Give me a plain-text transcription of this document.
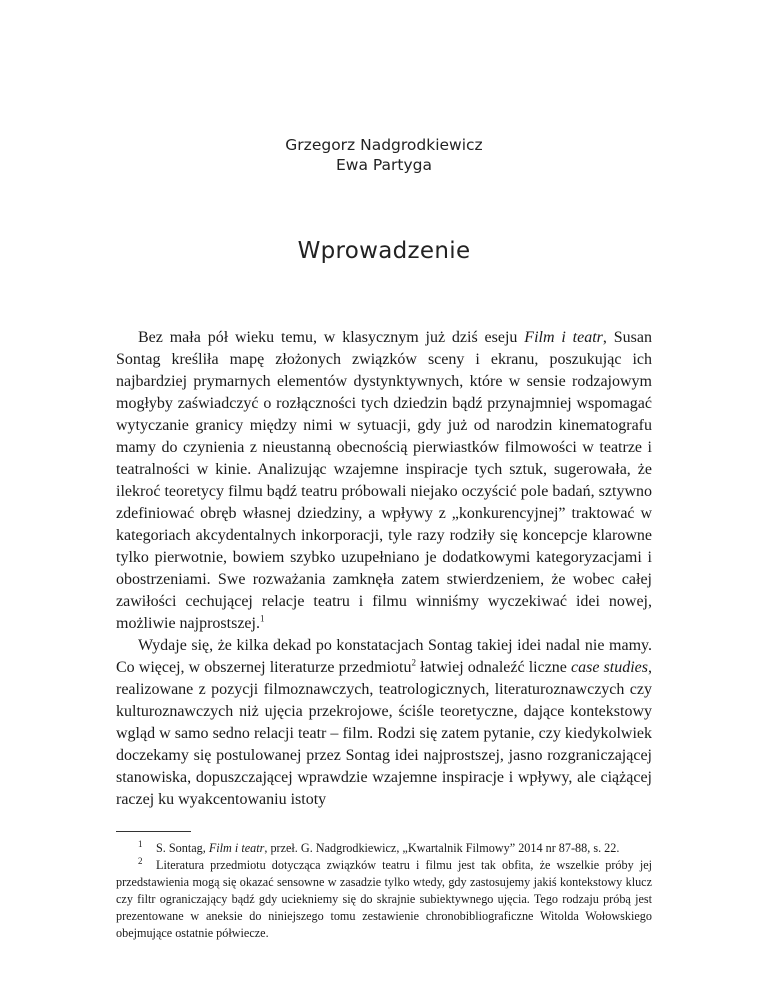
Grzegorz Nadgrodkiewicz
Ewa Partyga
Wprowadzenie

Bez mała pół wieku temu, w klasycznym już dziś eseju Film i teatr, Susan Sontag kreśliła mapę złożonych związków sceny i ekranu, poszukując ich najbardziej prymarnych elementów dystynktywnych, które w sensie rodzajowym mogłyby zaświadczyć o rozłączności tych dziedzin bądź przynajmniej wspomagać wytyczanie granicy między nimi w sytuacji, gdy już od narodzin kinematografu mamy do czynienia z nieustanną obecnością pierwiastków filmowości w teatrze i teatralności w kinie. Analizując wzajemne inspiracje tych sztuk, sugerowała, że ilekroć teoretycy filmu bądź teatru próbowali niejako oczyścić pole badań, sztywno zdefiniować obręb własnej dziedziny, a wpływy z „konkurencyjnej” traktować w kategoriach akcydentalnych inkorporacji, tyle razy rodziły się koncepcje klarowne tylko pierwotnie, bowiem szybko uzupełniano je dodatkowymi kategoryzacjami i obostrzeniami. Swe rozważania zamknęła zatem stwierdzeniem, że wobec całej zawiłości cechującej relacje teatru i filmu winniśmy wyczekiwać idei nowej, możliwie najprostszej.$^1$

Wydaje się, że kilka dekad po konstatacjach Sontag takiej idei nadal nie mamy. Co więcej, w obszernej literaturze przedmiotu$^2$ łatwiej odnaleźć liczne case studies, realizowane z pozycji filmoznawczych, teatrologicznych, literaturoznawczych czy kulturoznawczych niż ujęcia przekrojowe, ściśle teoretyczne, dające kontekstowy wgląd w samo sedno relacji teatr – film. Rodzi się zatem pytanie, czy kiedykolwiek doczekamy się postulowanej przez Sontag idei najprostszej, jasno rozgraniczającej stanowiska, dopuszczającej wprawdzie wzajemne inspiracje i wpływy, ale ciążącej raczej ku wyakcentowaniu istoty

$^1$ S. Sontag, Film i teatr, przeł. G. Nadgrodkiewicz, „Kwartalnik Filmowy” 2014 nr 87-88, s. 22.

$^2$ Literatura przedmiotu dotycząca związków teatru i filmu jest tak obfita, że wszelkie próby jej przedstawienia mogą się okazać sensowne w zasadzie tylko wtedy, gdy zastosujemy jakiś kontekstowy klucz czy filtr ograniczający bądź gdy uciekniemy się do skrajnie subiektywnego ujęcia. Tego rodzaju próbą jest prezentowane w aneksie do niniejszego tomu zestawienie chronobibliograficzne Witolda Wołowskiego obejmujące ostatnie półwiecze.
